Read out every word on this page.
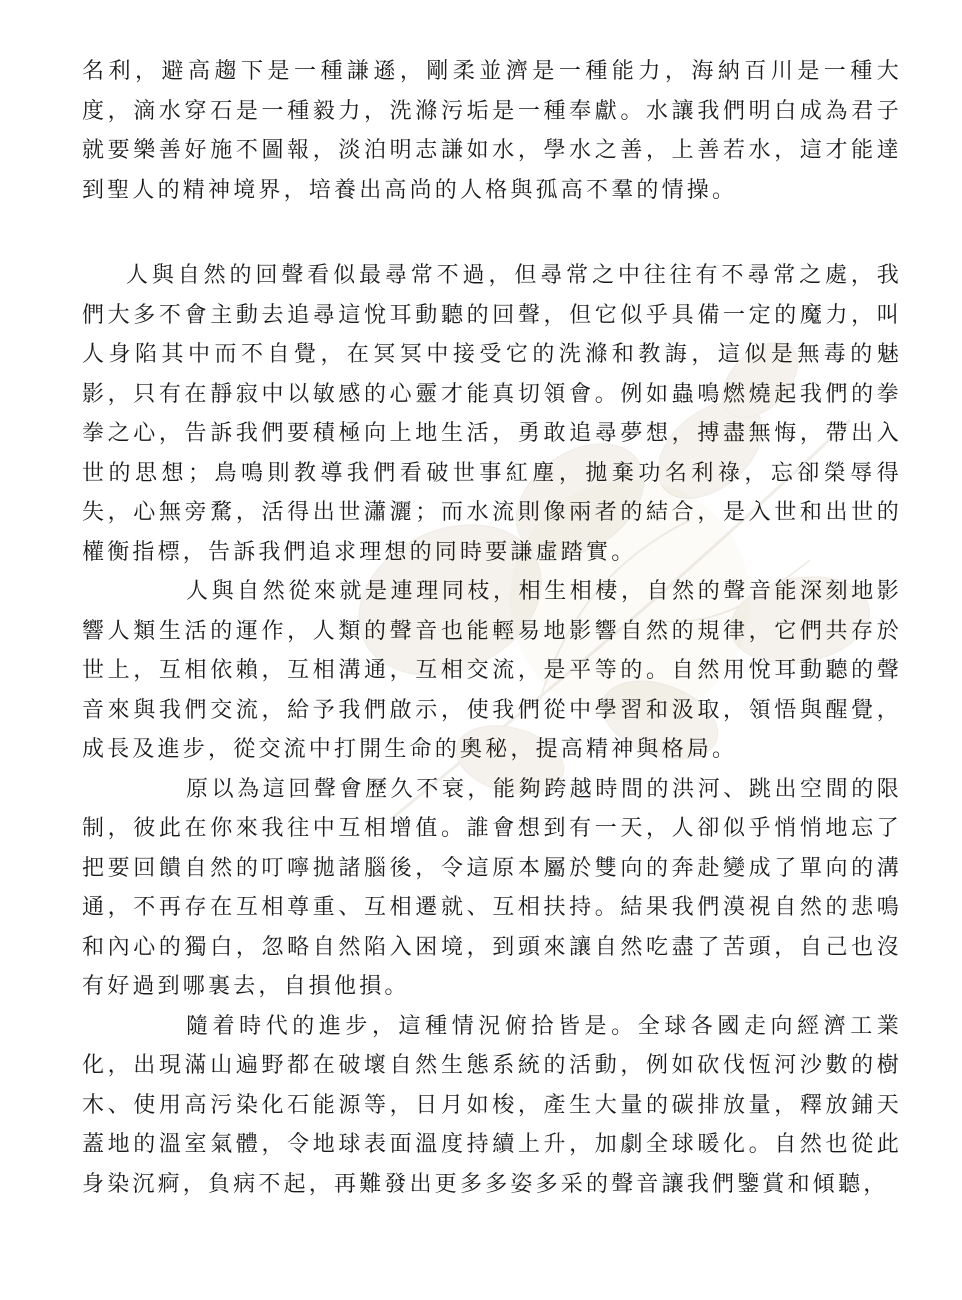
名利，避高趨下是一種謙遜，剛柔並濟是一種能力，海納百川是一種大度，滴水穿石是一種毅力，洗滌污垢是一種奉獻。水讓我們明白成為君子就要樂善好施不圖報，淡泊明志謙如水，學水之善，上善若水，這才能達到聖人的精神境界，培養出高尚的人格與孤高不羣的情操。

人與自然的回聲看似最尋常不過，但尋常之中往往有不尋常之處，我們大多不會主動去追尋這悅耳動聽的回聲，但它似乎具備一定的魔力，叫人身陷其中而不自覺，在冥冥中接受它的洗滌和教誨，這似是無毒的魅影，只有在靜寂中以敏感的心靈才能真切領會。例如蟲鳴燃燒起我們的拳拳之心，告訴我們要積極向上地生活，勇敢追尋夢想，搏盡無悔，帶出入世的思想；鳥鳴則教導我們看破世事紅塵，拋棄功名利祿，忘卻榮辱得失，心無旁騖，活得出世瀟灑；而水流則像兩者的結合，是入世和出世的權衡指標，告訴我們追求理想的同時要謙虛踏實。

人與自然從來就是連理同枝，相生相棲，自然的聲音能深刻地影響人類生活的運作，人類的聲音也能輕易地影響自然的規律，它們共存於世上，互相依賴，互相溝通，互相交流，是平等的。自然用悅耳動聽的聲音來與我們交流，給予我們啟示，使我們從中學習和汲取，領悟與醒覺，成長及進步，從交流中打開生命的奧秘，提高精神與格局。

原以為這回聲會歷久不衰，能夠跨越時間的洪河、跳出空間的限制，彼此在你來我往中互相增值。誰會想到有一天，人卻似乎悄悄地忘了把要回饋自然的叮嚀拋諸腦後，令這原本屬於雙向的奔赴變成了單向的溝通，不再存在互相尊重、互相遷就、互相扶持。結果我們漠視自然的悲鳴和內心的獨白，忽略自然陷入困境，到頭來讓自然吃盡了苦頭，自己也沒有好過到哪裏去，自損他損。

隨着時代的進步，這種情況俯拾皆是。全球各國走向經濟工業化，出現滿山遍野都在破壞自然生態系統的活動，例如砍伐恆河沙數的樹木、使用高污染化石能源等，日月如梭，產生大量的碳排放量，釋放鋪天蓋地的溫室氣體，令地球表面溫度持續上升，加劇全球暖化。自然也從此身染沉痾，負病不起，再難發出更多多姿多采的聲音讓我們鑒賞和傾聽，
